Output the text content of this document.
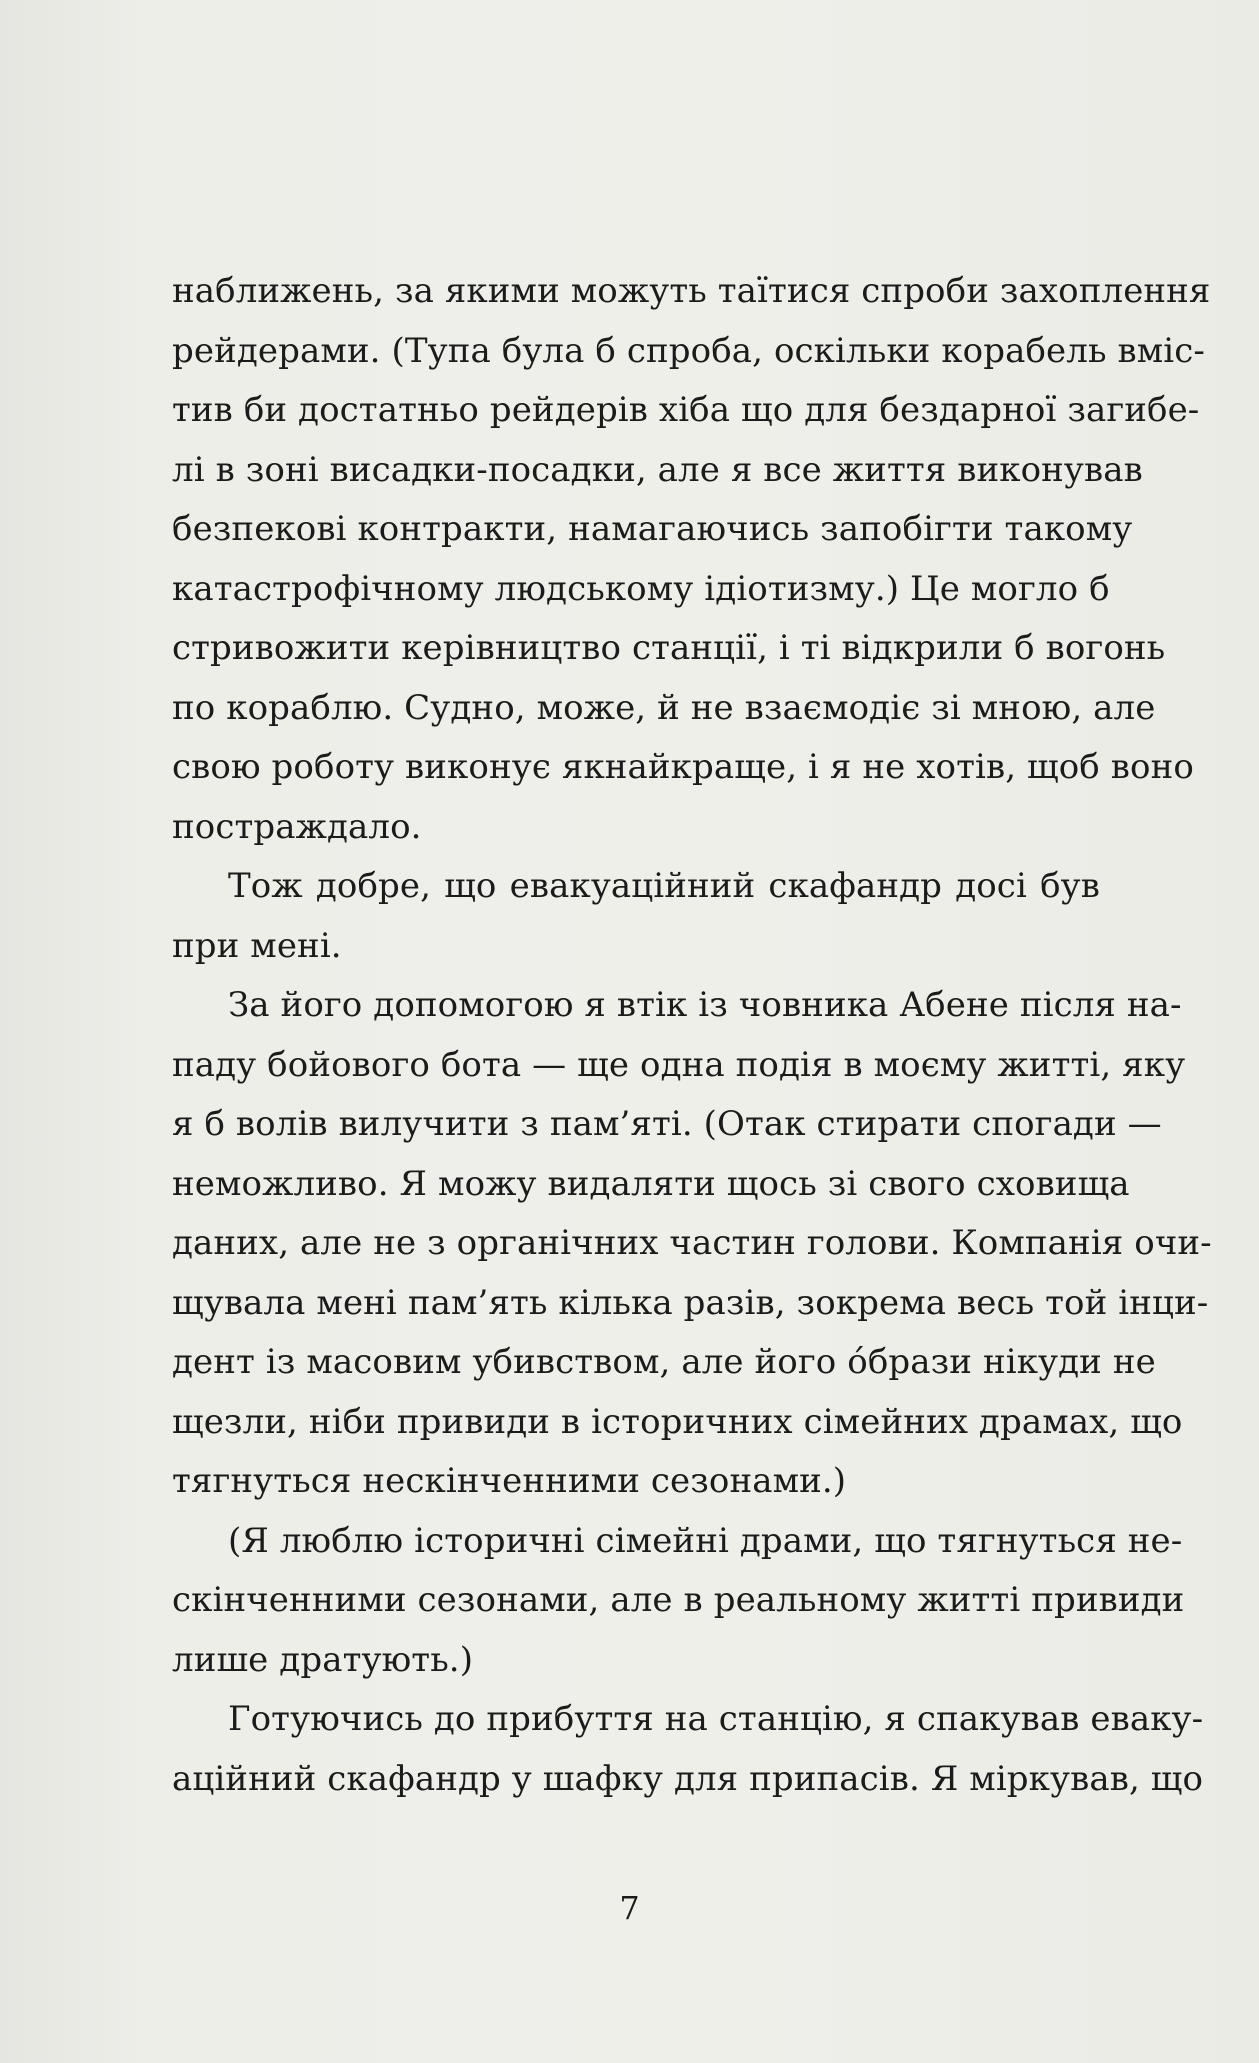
наближень, за якими можуть таїтися спроби захоплення
рейдерами. (Тупа була б спроба, оскільки корабель вміс-
тив би достатньо рейдерів хіба що для бездарної загибе-
лі в зоні висадки-посадки, але я все життя виконував
безпекові контракти, намагаючись запобігти такому
катастрофічному людському ідіотизму.) Це могло б
стривожити керівництво станції, і ті відкрили б вогонь
по кораблю. Судно, може, й не взаємодіє зі мною, але
свою роботу виконує якнайкраще, і я не хотів, щоб воно
постраждало.
Тож добре, що евакуаційний скафандр досі був
при мені.
За його допомогою я втік із човника Абене після на-
паду бойового бота — ще одна подія в моєму житті, яку
я б волів вилучити з пам’яті. (Отак стирати спогади —
неможливо. Я можу видаляти щось зі свого сховища
даних, але не з органічних частин голови. Компанія очи-
щувала мені пам’ять кілька разів, зокрема весь той інци-
дент із масовим убивством, але його óбрази нікуди не
щезли, ніби привиди в історичних сімейних драмах, що
тягнуться нескінченними сезонами.)
(Я люблю історичні сімейні драми, що тягнуться не-
скінченними сезонами, але в реальному житті привиди
лише дратують.)
Готуючись до прибуття на станцію, я спакував еваку-
аційний скафандр у шафку для припасів. Я міркував, що
7
